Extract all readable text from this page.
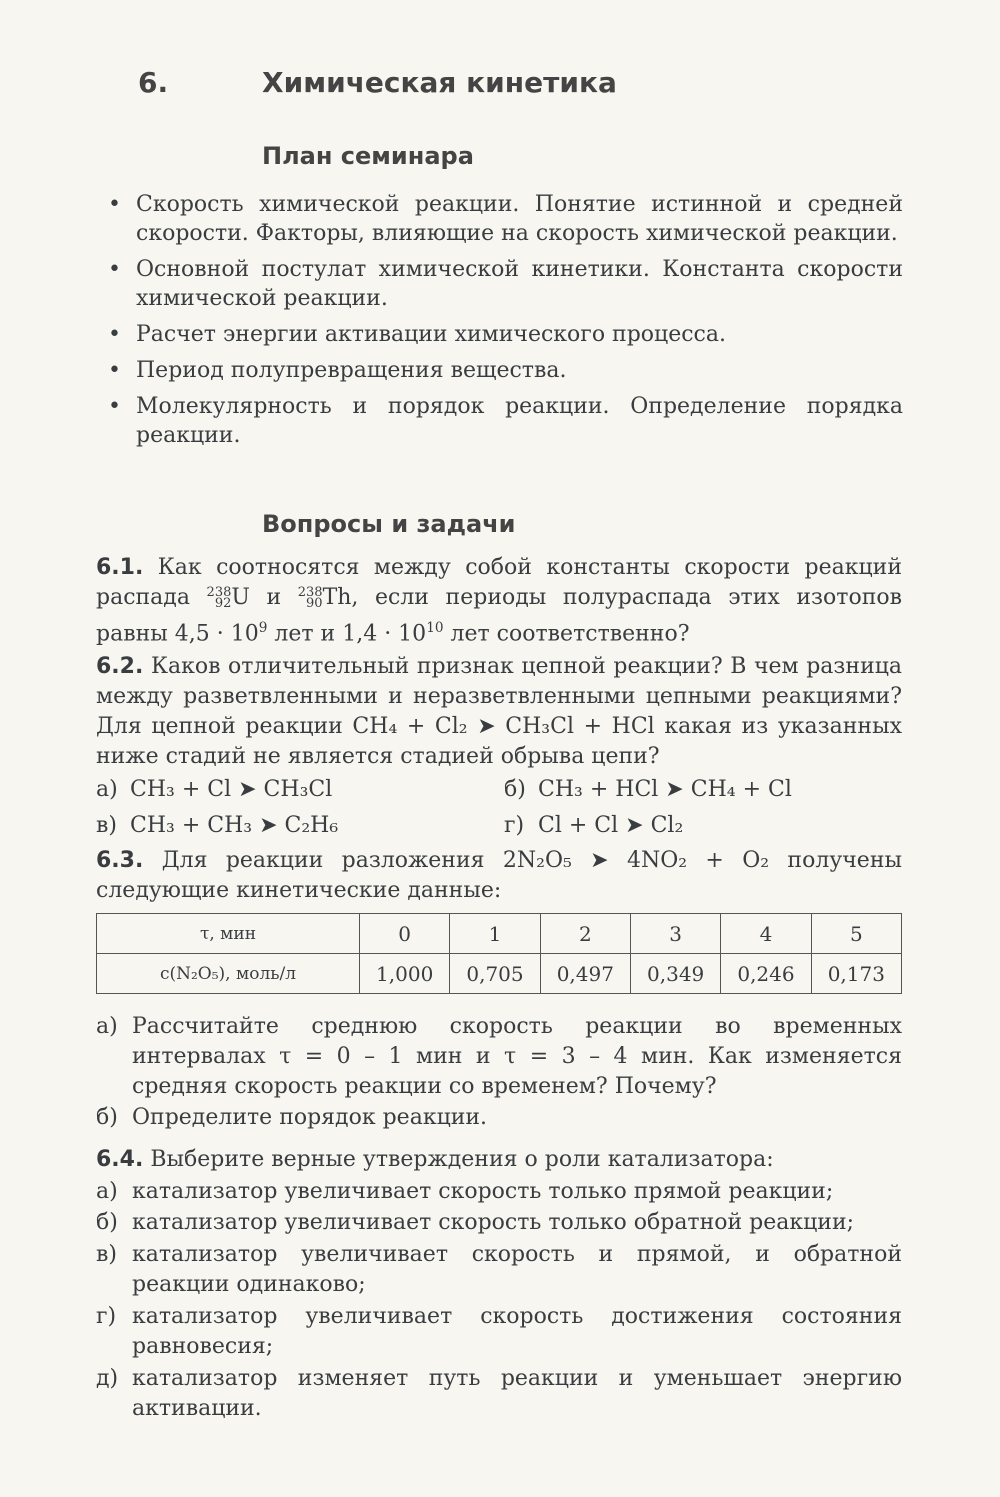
6.	Химическая кинетика
План семинара
• Скорость химической реакции. Понятие истинной и средней скорости. Факторы, влияющие на скорость химической реакции.
• Основной постулат химической кинетики. Константа скорости химической реакции.
• Расчет энергии активации химического процесса.
• Период полупревращения вещества.
• Молекулярность и порядок реакции. Определение порядка реакции.
Вопросы и задачи
6.1. Как соотносятся между собой константы скорости реакций распада 238
92U и 238
90Th, если периоды полураспада этих изотопов равны $4,5 \cdot 10^9$ лет и $1,4 \cdot 10^{10}$ лет соответственно?
6.2. Каков отличительный признак цепной реакции? В чем разница между разветвленными и неразветвленными цепными реакциями? Для цепной реакции CH₄ + Cl₂ ➤ CH₃Cl + HCl какая из указанных ниже стадий не является стадией обрыва цепи?
а) CH₃ + Cl ➤ CH₃Cl	б) CH₃ + HCl ➤ CH₄ + Cl
в) CH₃ + CH₃ ➤ C₂H₆	г) Cl + Cl ➤ Cl₂
6.3. Для реакции разложения 2N₂O₅ ➤ 4NO₂ + O₂ получены следующие кинетические данные:
τ, мин	0	1	2	3	4	5
c(N₂O₅), моль/л	1,000	0,705	0,497	0,349	0,246	0,173
а) Рассчитайте среднюю скорость реакции во временных интервалах τ = 0 – 1 мин и τ = 3 – 4 мин. Как изменяется средняя скорость реакции со временем? Почему?
б) Определите порядок реакции.
6.4. Выберите верные утверждения о роли катализатора:
а) катализатор увеличивает скорость только прямой реакции;
б) катализатор увеличивает скорость только обратной реакции;
в) катализатор увеличивает скорость и прямой, и обратной реакции одинаково;
г) катализатор увеличивает скорость достижения состояния равновесия;
д) катализатор изменяет путь реакции и уменьшает энергию активации.
